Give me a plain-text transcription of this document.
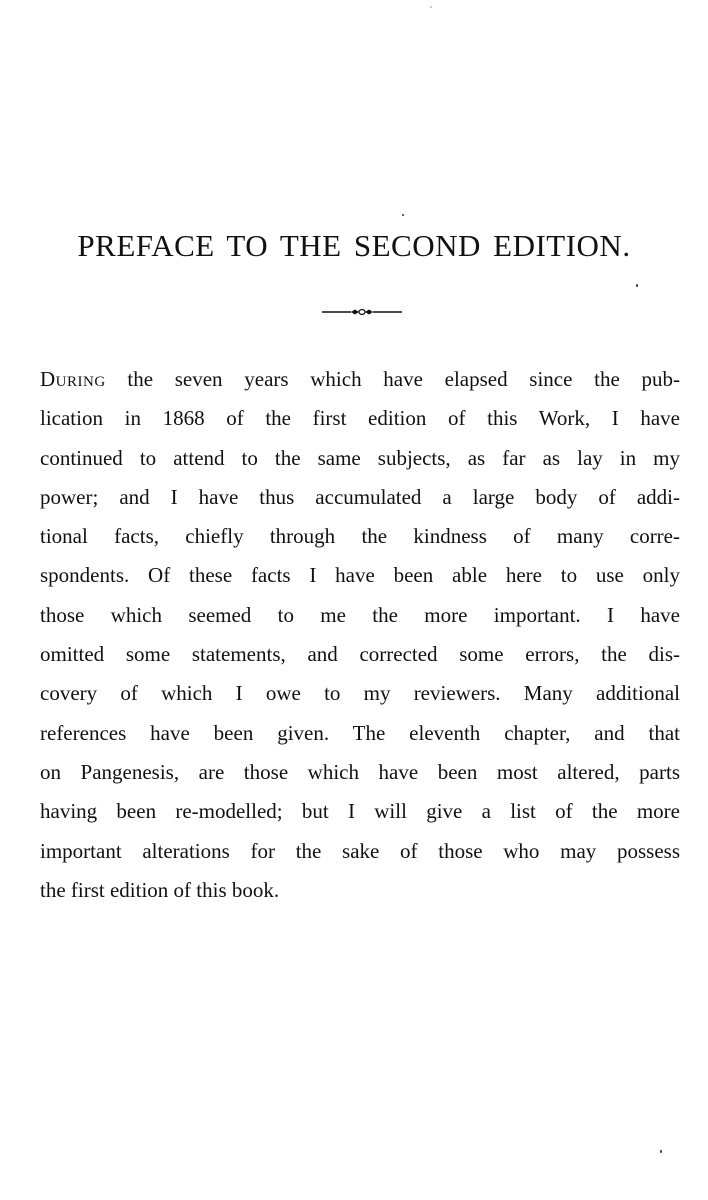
PREFACE TO THE SECOND EDITION.
During the seven years which have elapsed since the pub-
lication in 1868 of the first edition of this Work, I have
continued to attend to the same subjects, as far as lay in my
power; and I have thus accumulated a large body of addi-
tional facts, chiefly through the kindness of many corre-
spondents. Of these facts I have been able here to use only
those which seemed to me the more important. I have
omitted some statements, and corrected some errors, the dis-
covery of which I owe to my reviewers. Many additional
references have been given. The eleventh chapter, and that
on Pangenesis, are those which have been most altered, parts
having been re-modelled; but I will give a list of the more
important alterations for the sake of those who may possess
the first edition of this book.
